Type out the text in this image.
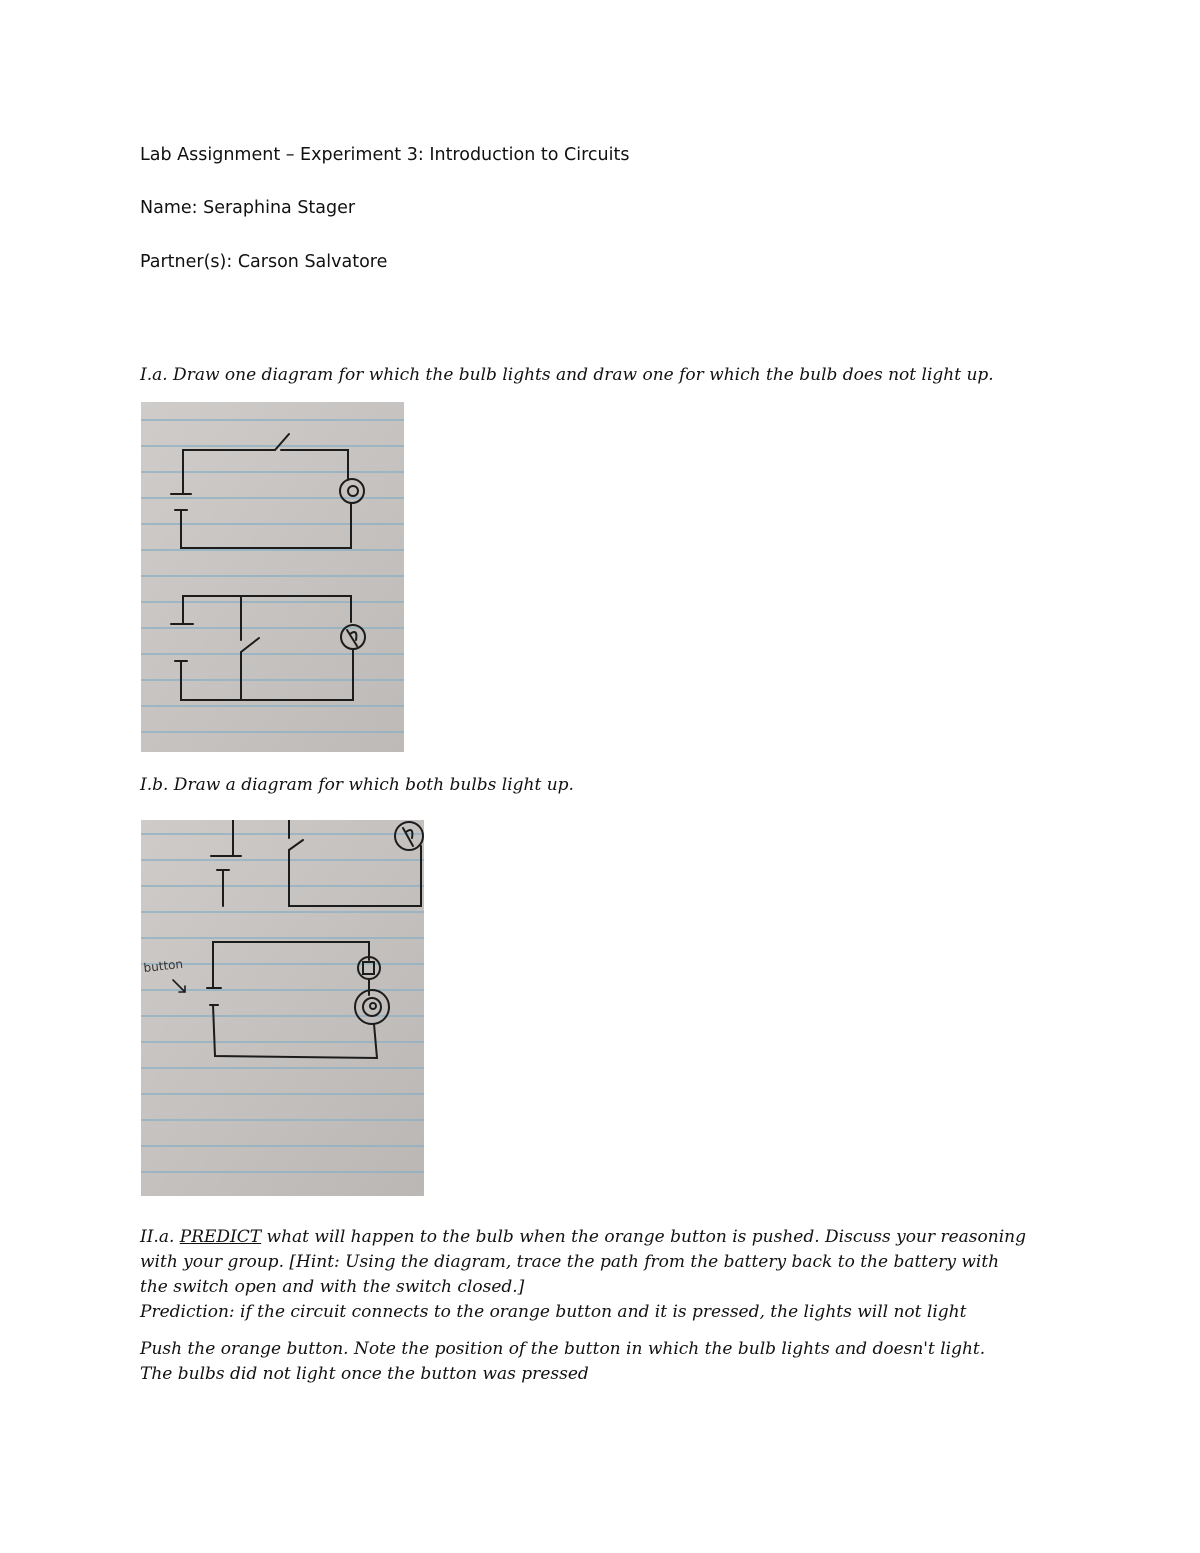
Lab Assignment – Experiment 3: Introduction to Circuits
Name: Seraphina Stager
Partner(s): Carson Salvatore
I.a. Draw one diagram for which the bulb lights and draw one for which the bulb does not light up.
I.b. Draw a diagram for which both bulbs light up.
button
II.a. PREDICT what will happen to the bulb when the orange button is pushed. Discuss your reasoning
with your group. [Hint: Using the diagram, trace the path from the battery back to the battery with
the switch open and with the switch closed.]
Prediction: if the circuit connects to the orange button and it is pressed, the lights will not light
Push the orange button. Note the position of the button in which the bulb lights and doesn't light.
The bulbs did not light once the button was pressed
